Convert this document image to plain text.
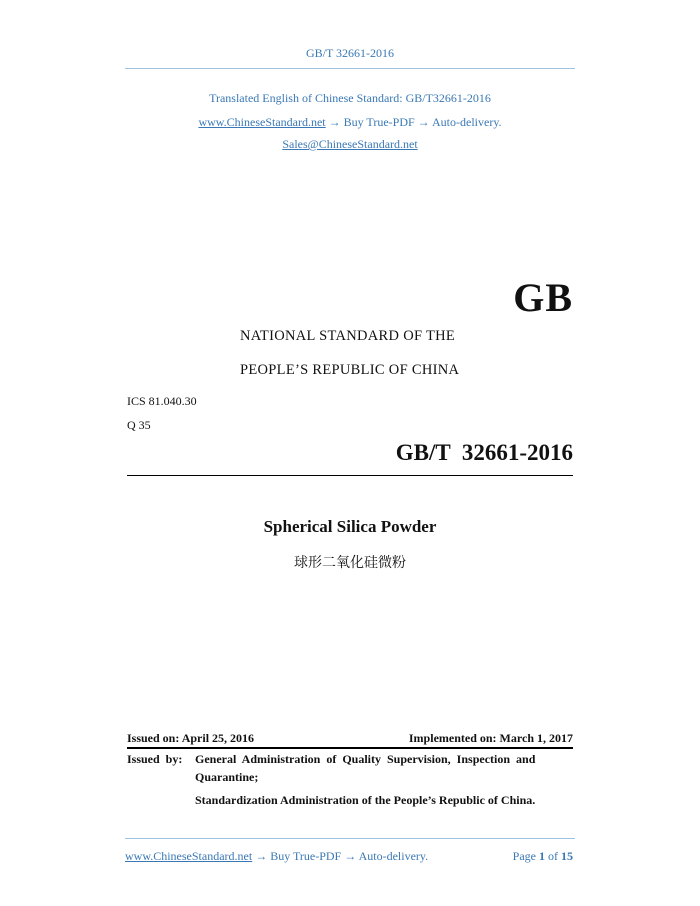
GB/T 32661-2016
Translated English of Chinese Standard: GB/T32661-2016
www.ChineseStandard.net → Buy True-PDF → Auto-delivery.
Sales@ChineseStandard.net
GB
NATIONAL STANDARD OF THE
PEOPLE’S REPUBLIC OF CHINA
ICS 81.040.30
Q 35
GB/T  32661-2016
Spherical Silica Powder
球形二氧化硅微粉
Issued on: April 25, 2016	Implemented on: March 1, 2017
Issued  by: General  Administration  of  Quality  Supervision,  Inspection  and
Quarantine;
Standardization Administration of the People’s Republic of China.
www.ChineseStandard.net → Buy True-PDF → Auto-delivery.	Page 1 of 15
